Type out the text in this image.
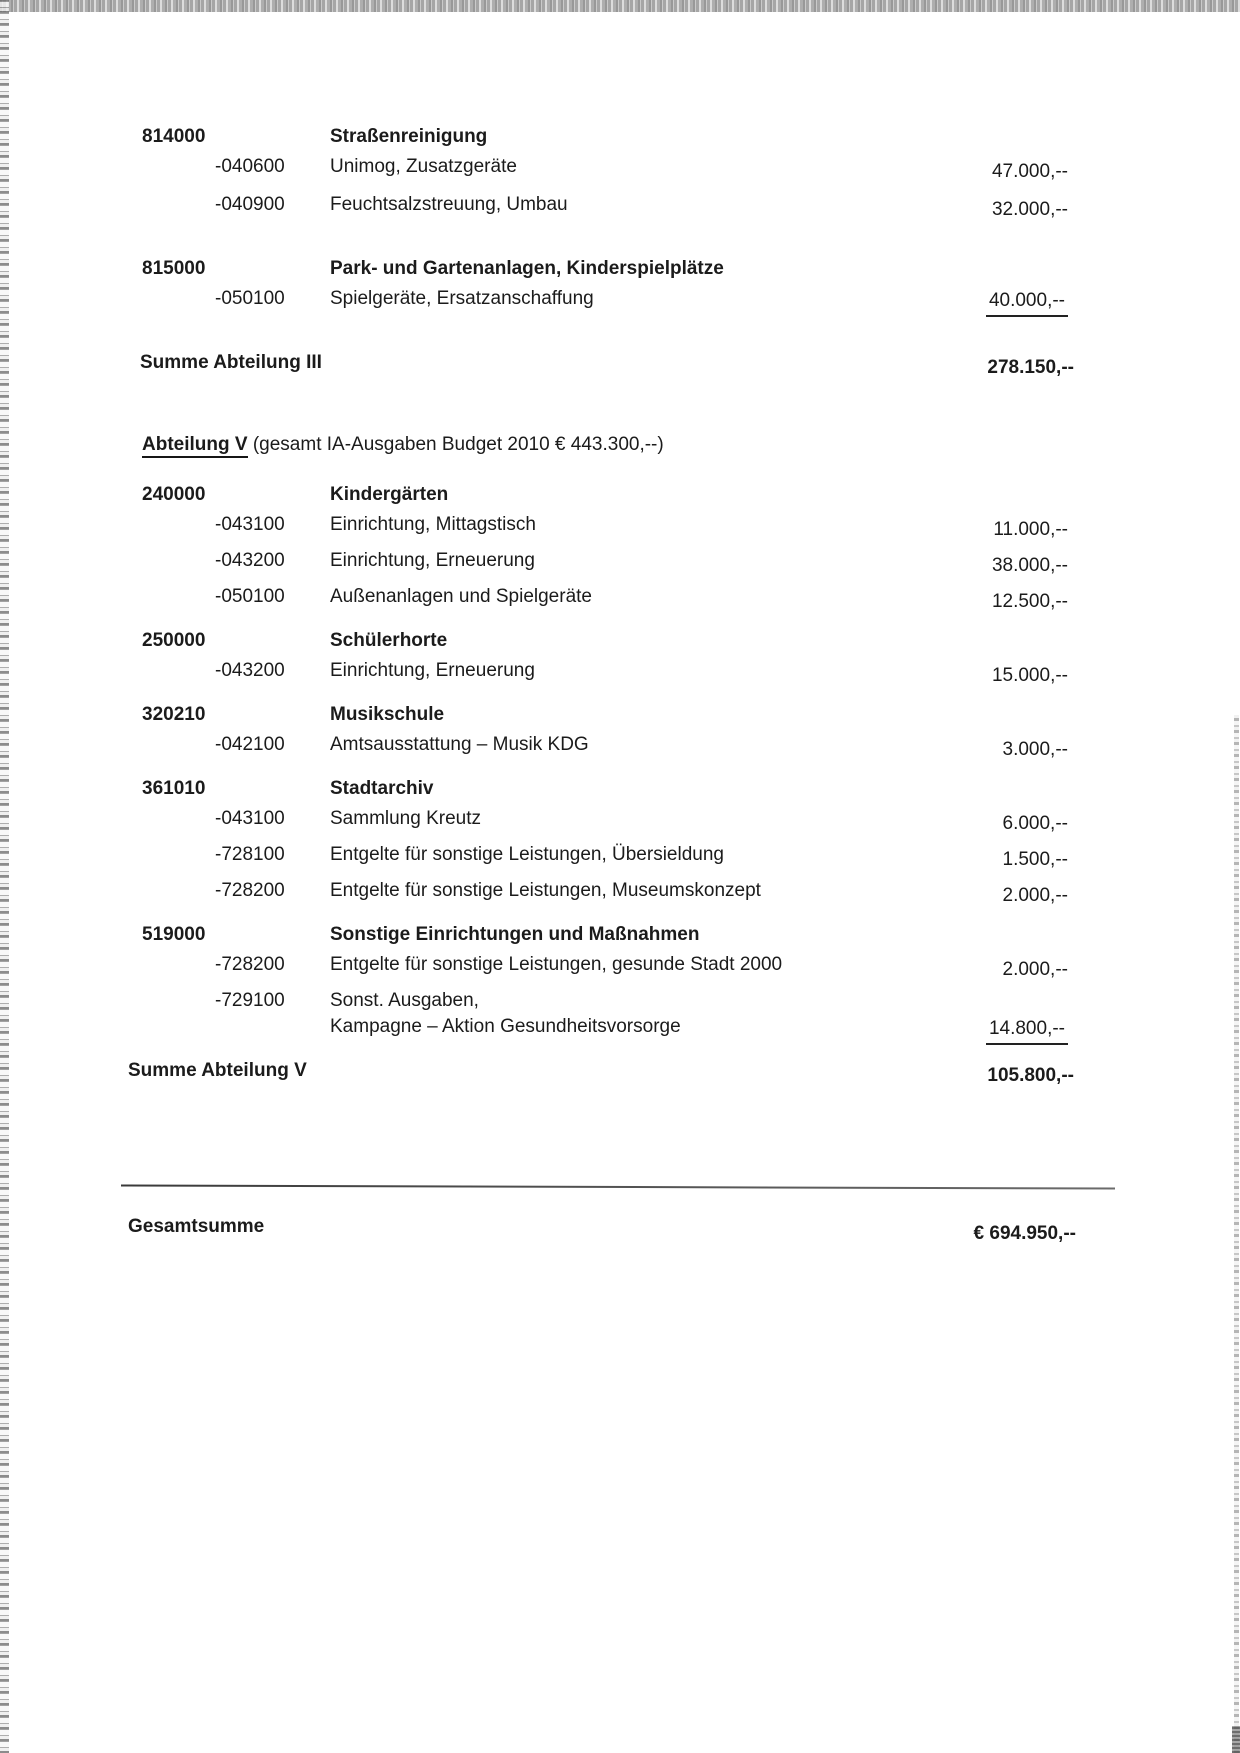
814000	Straßenreinigung
-040600 Unimog, Zusatzgeräte	47.000,--
-040900 Feuchtsalzstreuung, Umbau	32.000,--
815000	Park- und Gartenanlagen, Kinderspielplätze
-050100 Spielgeräte, Ersatzanschaffung	40.000,--
Summe Abteilung III	278.150,--
Abteilung V (gesamt IA-Ausgaben Budget 2010 € 443.300,--)
240000	Kindergärten
-043100 Einrichtung, Mittagstisch	11.000,--
-043200 Einrichtung, Erneuerung	38.000,--
-050100 Außenanlagen und Spielgeräte	12.500,--
250000	Schülerhorte
-043200 Einrichtung, Erneuerung	15.000,--
320210	Musikschule
-042100 Amtsausstattung – Musik KDG	3.000,--
361010	Stadtarchiv
-043100 Sammlung Kreutz	6.000,--
-728100 Entgelte für sonstige Leistungen, Übersieldung	1.500,--
-728200 Entgelte für sonstige Leistungen, Museumskonzept	2.000,--
519000	Sonstige Einrichtungen und Maßnahmen
-728200 Entgelte für sonstige Leistungen, gesunde Stadt 2000	2.000,--
-729100 Sonst. Ausgaben,
Kampagne – Aktion Gesundheitsvorsorge	14.800,--
Summe Abteilung V	105.800,--
Gesamtsumme	€ 694.950,--
